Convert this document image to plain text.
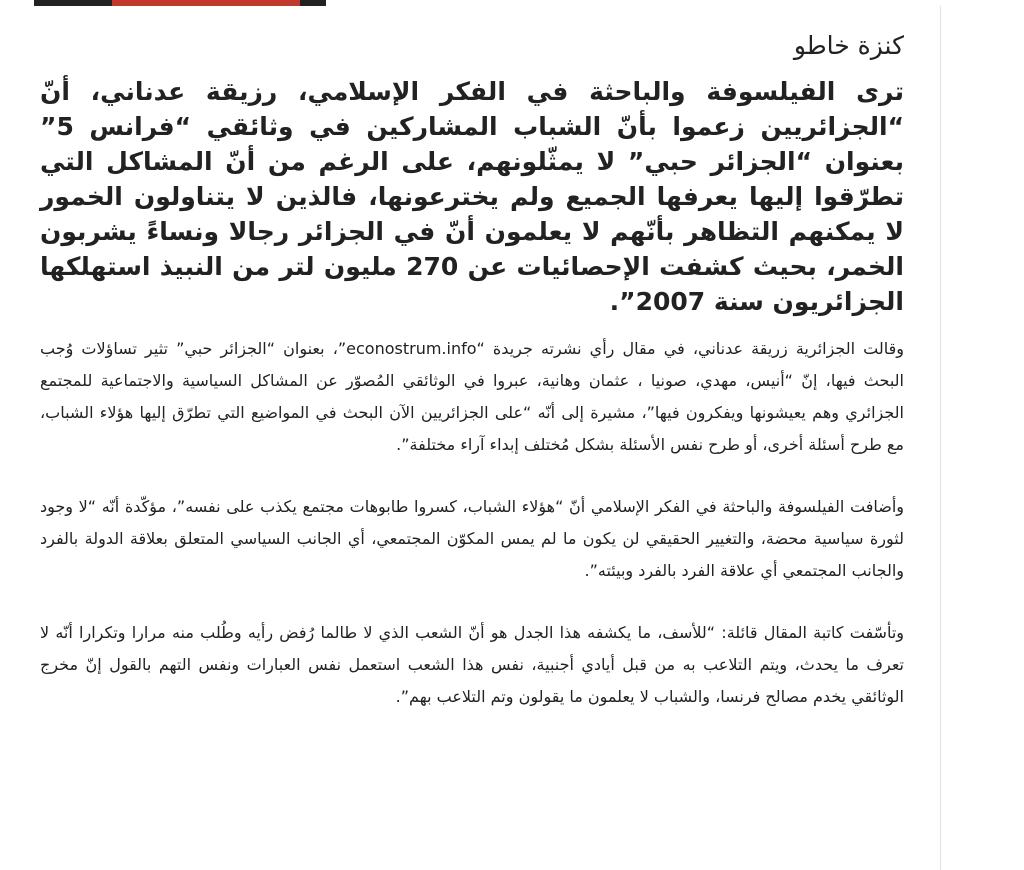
كنزة خاطو

ترى الفيلسوفة والباحثة في الفكر الإسلامي، رزيقة عدناني، أنّ “الجزائريين زعموا بأنّ الشباب المشاركين في وثائقي “فرانس 5” بعنوان “الجزائر حبي” لا يمثّلونهم، على الرغم من أنّ المشاكل التي تطرّقوا إليها يعرفها الجميع ولم يخترعونها، فالذين لا يتناولون الخمور لا يمكنهم التظاهر بأنّهم لا يعلمون أنّ في الجزائر رجالا ونساءً يشربون الخمر، بحيث كشفت الإحصائيات عن 270 مليون لتر من النبيذ استهلكها الجزائريون سنة 2007”.

وقالت الجزائرية زريقة عدناني، في مقال رأي نشرته جريدة “econostrum.info”، بعنوان “الجزائر حبي” تثير تساؤلات وُجب البحث فيها، إنّ “أنيس، مهدي، صونيا ، عثمان وهانية، عبروا في الوثائقي المُصوّر عن المشاكل السياسية والاجتماعية للمجتمع الجزائري وهم يعيشونها ويفكرون فيها”، مشيرة إلى أنّه “على الجزائريين الآن البحث في المواضيع التي تطرّق إليها هؤلاء الشباب، مع طرح أسئلة أخرى، أو طرح نفس الأسئلة بشكل مُختلف إبداء آراء مختلفة”.

وأضافت الفيلسوفة والباحثة في الفكر الإسلامي أنّ “هؤلاء الشباب، كسروا طابوهات مجتمع يكذب على نفسه”، مؤكّدة أنّه “لا وجود لثورة سياسية محضة، والتغيير الحقيقي لن يكون ما لم يمس المكوّن المجتمعي، أي الجانب السياسي المتعلق بعلاقة الدولة بالفرد والجانب المجتمعي أي علاقة الفرد بالفرد وبيئته”.

وتأسّفت كاتبة المقال قائلة: “للأسف، ما يكشفه هذا الجدل هو أنّ الشعب الذي لا طالما رُفض رأيه وطُلب منه مرارا وتكرارا أنّه لا تعرف ما يحدث، ويتم التلاعب به من قبل أيادي أجنبية، نفس هذا الشعب استعمل نفس العبارات ونفس التهم بالقول إنّ مخرج الوثائقي يخدم مصالح فرنسا، والشباب لا يعلمون ما يقولون وتم التلاعب بهم”.
